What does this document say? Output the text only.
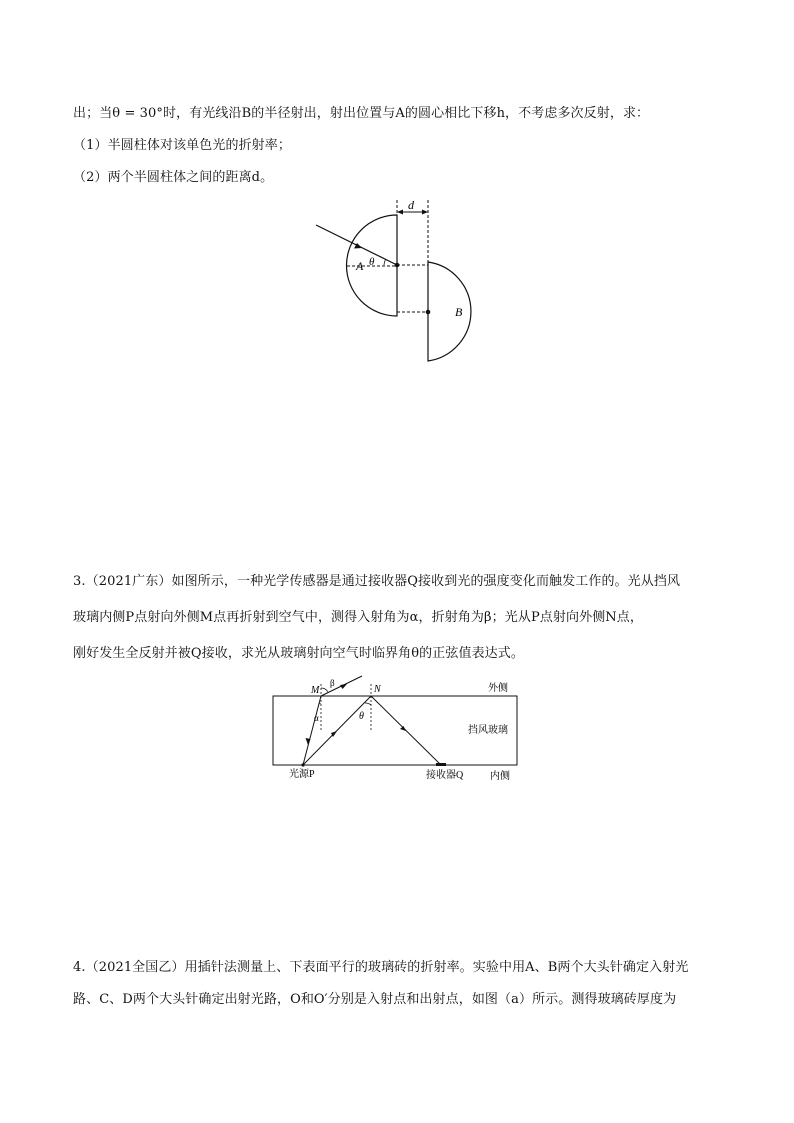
出；当θ = 30°时，有光线沿B的半径射出，射出位置与A的圆心相比下移h，不考虑多次反射，求：
（1）半圆柱体对该单色光的折射率；
（2）两个半圆柱体之间的距离d。
d
θ
A
B
3.（2021广东）如图所示，一种光学传感器是通过接收器Q接收到光的强度变化而触发工作的。光从挡风
玻璃内侧P点射向外侧M点再折射到空气中，测得入射角为α，折射角为β；光从P点射向外侧N点，
刚好发生全反射并被Q接收，求光从玻璃射向空气时临界角θ的正弦值表达式。
M	N
β
α	θ
外侧
挡风玻璃
内侧
光源P	接收器Q
4.（2021全国乙）用插针法测量上、下表面平行的玻璃砖的折射率。实验中用A、B两个大头针确定入射光
路、C、D两个大头针确定出射光路，O和O′分别是入射点和出射点，如图（a）所示。测得玻璃砖厚度为
